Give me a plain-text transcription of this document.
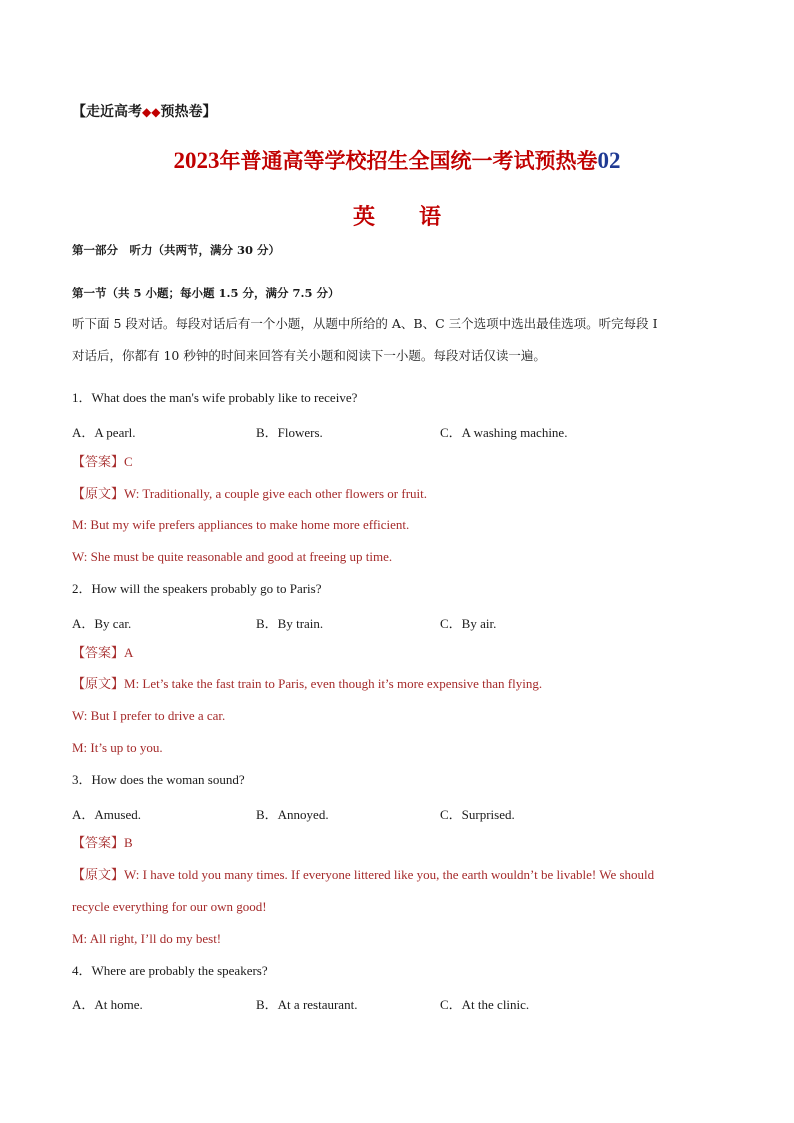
【走近高考◆◆预热卷】
2023年普通高等学校招生全国统一考试预热卷02
英 语
第一部分　听力（共两节，满分 30 分）
第一节（共 5 小题；每小题 1.5 分，满分 7.5 分）
听下面 5 段对话。每段对话后有一个小题，从题中所给的 A、B、C 三个选项中选出最佳选项。听完每段 I
对话后，你都有 10 秒钟的时间来回答有关小题和阅读下一小题。每段对话仅读一遍。
1．What does the man's wife probably like to receive?
A．A pearl.	B．Flowers.	C．A washing machine.
【答案】C
【原文】W: Traditionally, a couple give each other flowers or fruit.
M: But my wife prefers appliances to make home more efficient.
W: She must be quite reasonable and good at freeing up time.
2．How will the speakers probably go to Paris?
A．By car.	B．By train.	C．By air.
【答案】A
【原文】M: Let’s take the fast train to Paris, even though it’s more expensive than flying.
W: But I prefer to drive a car.
M: It’s up to you.
3．How does the woman sound?
A．Amused.	B．Annoyed.	C．Surprised.
【答案】B
【原文】W: I have told you many times. If everyone littered like you, the earth wouldn’t be livable! We should
recycle everything for our own good!
M: All right, I’ll do my best!
4．Where are probably the speakers?
A．At home.	B．At a restaurant.	C．At the clinic.
